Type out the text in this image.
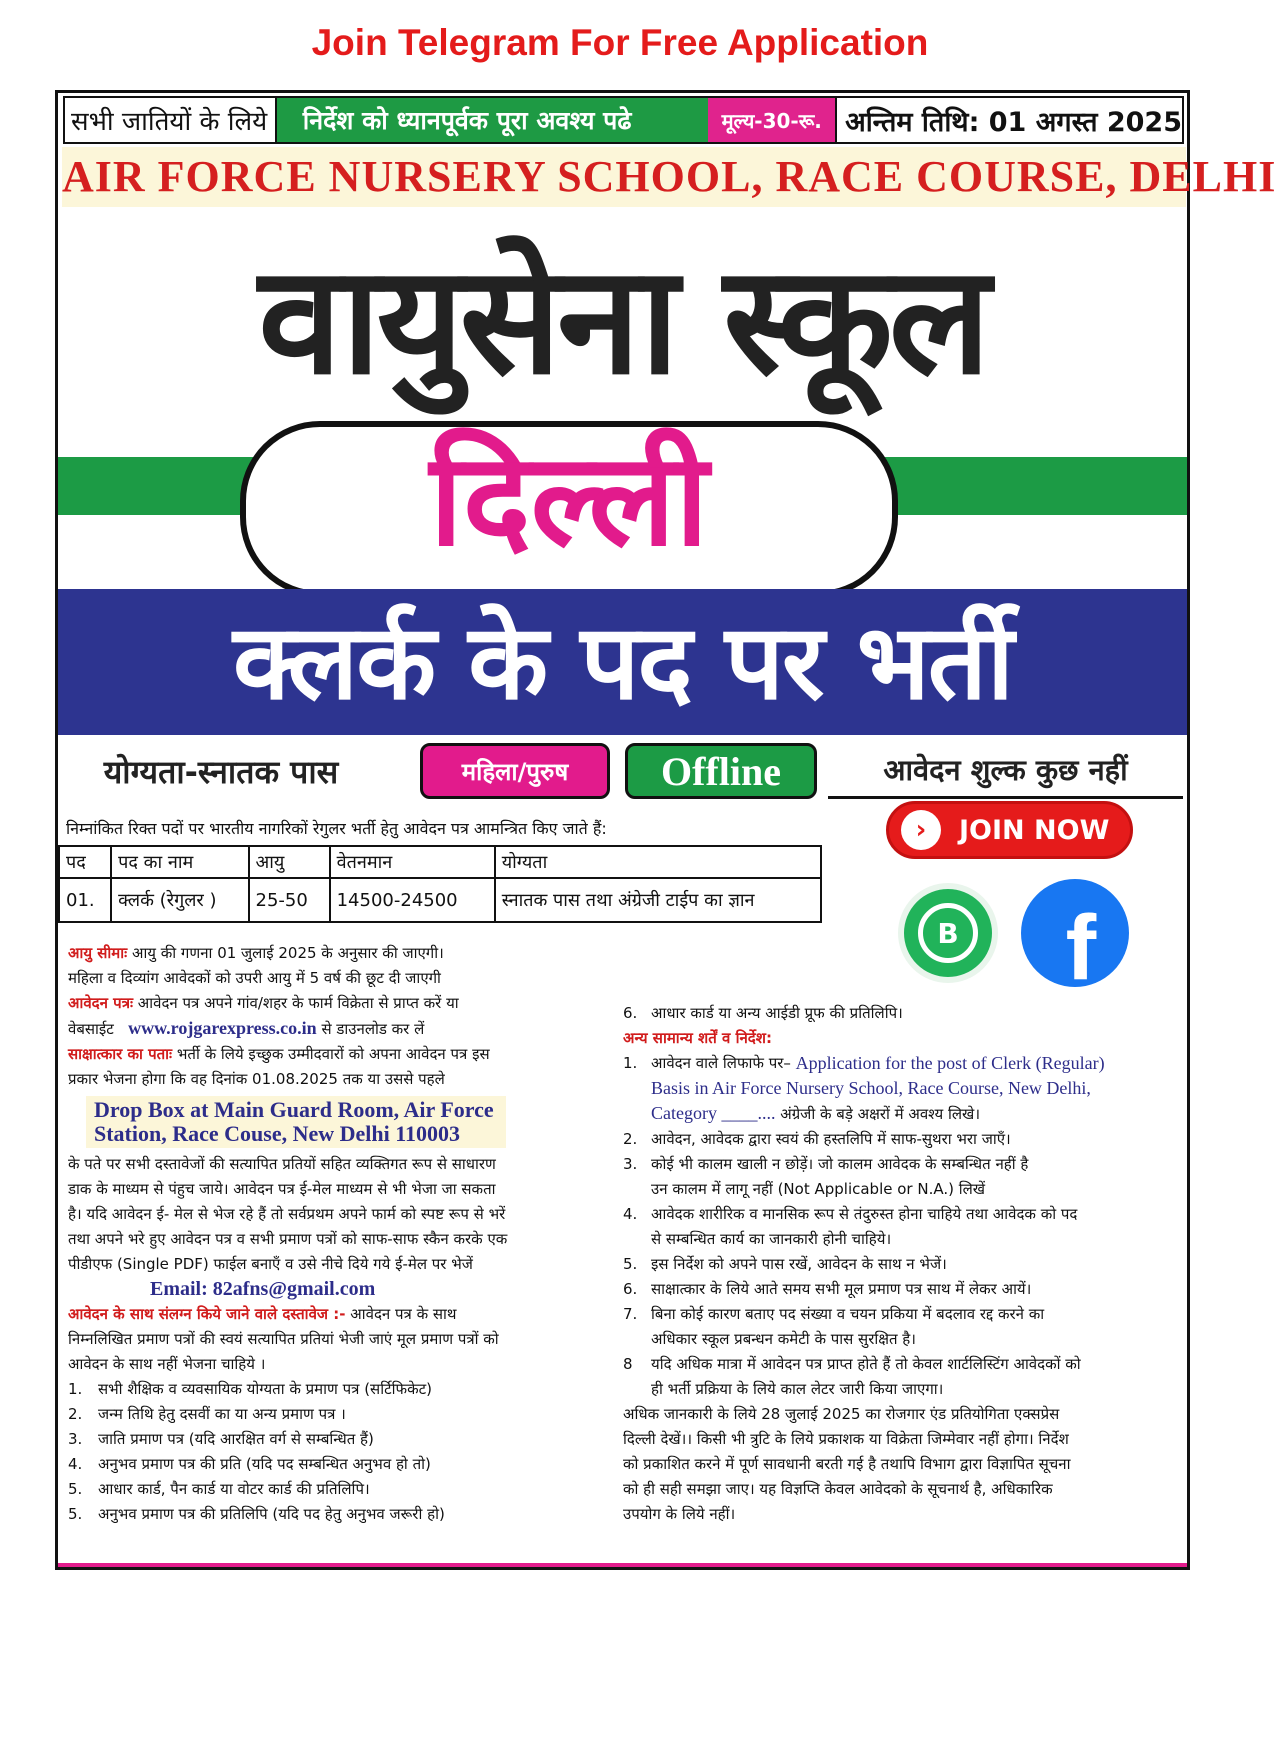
Join Telegram For Free Application
सभी जातियों के लिये	निर्देश को ध्यानपूर्वक पूरा अवश्य पढे	मूल्य-30-रू. अन्तिम तिथि: 01 अगस्त 2025
AIR FORCE NURSERY SCHOOL, RACE COURSE, DELHI
वायुसेना स्कूल
दिल्ली
क्लर्क के पद पर भर्ती
योग्यता-स्नातक पास	महिला/पुरुष	Offline	आवेदन शुल्क कुछ नहीं
निम्नांकित रिक्त पदों पर भारतीय नागरिकों रेगुलर भर्ती हेतु आवेदन पत्र आमन्त्रित किए जाते हैं:
पद	पद का नाम	आयु	वेतनमान	योग्यता
01.	क्लर्क (रेगुलर )	25-50	14500-24500	स्नातक पास तथा अंग्रेजी टाईप का ज्ञान
›	JOIN NOW
B f

आयु सीमाः आयु की गणना 01 जुलाई 2025 के अनुसार की जाएगी।

महिला व दिव्यांग आवेदकों को उपरी आयु में 5 वर्ष की छूट दी जाएगी

आवेदन पत्रः आवेदन पत्र अपने गांव/शहर के फार्म विक्रेता से प्राप्त करें या

वेबसाईट www.rojgarexpress.co.in से डाउनलोड कर लें

साक्षात्कार का पताः भर्ती के लिये इच्छुक उम्मीदवारों को अपना आवेदन पत्र इस

प्रकार भेजना होगा कि वह दिनांक 01.08.2025 तक या उससे पहले

Drop Box at Main Guard Room, Air Force
Station, Race Couse, New Delhi 110003

के पते पर सभी दस्तावेजों की सत्यापित प्रतियों सहित व्यक्तिगत रूप से साधारण

डाक के माध्यम से पंहुच जाये। आवेदन पत्र ई-मेल माध्यम से भी भेजा जा सकता

है। यदि आवेदन ई- मेल से भेज रहे हैं तो सर्वप्रथम अपने फार्म को स्पष्ट रूप से भरें

तथा अपने भरे हुए आवेदन पत्र व सभी प्रमाण पत्रों को साफ-साफ स्कैन करके एक

पीडीएफ (Single PDF) फाईल बनाएँ व उसे नीचे दिये गये ई-मेल पर भेजें

Email: 82afns@gmail.com

आवेदन के साथ संलग्न किये जाने वाले दस्तावेज :- आवेदन पत्र के साथ

निम्नलिखित प्रमाण पत्रों की स्वयं सत्यापित प्रतियां भेजी जाएं मूल प्रमाण पत्रों को

आवेदन के साथ नहीं भेजना चाहिये ।

1. सभी शैक्षिक व व्यवसायिक योग्यता के प्रमाण पत्र (सर्टिफिकेट)

2. जन्म तिथि हेतु दसवीं का या अन्य प्रमाण पत्र ।

3. जाति प्रमाण पत्र (यदि आरक्षित वर्ग से सम्बन्धित हैं)

4. अनुभव प्रमाण पत्र की प्रति (यदि पद सम्बन्धित अनुभव हो तो)

5. आधार कार्ड, पैन कार्ड या वोटर कार्ड की प्रतिलिपि।

5. अनुभव प्रमाण पत्र की प्रतिलिपि (यदि पद हेतु अनुभव जरूरी हो)

6. आधार कार्ड या अन्य आईडी प्रूफ की प्रतिलिपि।

अन्य सामान्य शर्तें व निर्देश:

1. आवेदन वाले लिफाफे पर–
Application for the post of Clerk (Regular)

Basis in Air Force Nursery School, Race Course, New Delhi,

Category ____.... अंग्रेजी के बड़े अक्षरों में अवश्य लिखे।

2. आवेदन, आवेदक द्वारा स्वयं की हस्तलिपि में साफ-सुथरा भरा जाएँ।

3. कोई भी कालम खाली न छोड़ें। जो कालम आवेदक के सम्बन्धित नहीं है

उन कालम में लागू नहीं (Not Applicable or N.A.) लिखें

4. आवेदक शारीरिक व मानसिक रूप से तंदुरुस्त होना चाहिये तथा आवेदक को पद

से सम्बन्धित कार्य का जानकारी होनी चाहिये।

5. इस निर्देश को अपने पास रखें, आवेदन के साथ न भेजें।

6. साक्षात्कार के लिये आते समय सभी मूल प्रमाण पत्र साथ में लेकर आयें।

7. बिना कोई कारण बताए पद संख्या व चयन प्रकिया में बदलाव रद्द करने का

अधिकार स्कूल प्रबन्धन कमेटी के पास सुरक्षित है।

8	यदि अधिक मात्रा में आवेदन पत्र प्राप्त होते हैं तो केवल शार्टलिस्टिंग आवेदकों को

ही भर्ती प्रक्रिया के लिये काल लेटर जारी किया जाएगा।

अधिक जानकारी के लिये 28 जुलाई 2025 का रोजगार एंड प्रतियोगिता एक्सप्रेस

दिल्ली देखें।। किसी भी त्रुटि के लिये प्रकाशक या विक्रेता जिम्मेवार नहीं होगा। निर्देश

को प्रकाशित करने में पूर्ण सावधानी बरती गई है तथापि विभाग द्वारा विज्ञापित सूचना

को ही सही समझा जाए। यह विज्ञप्ति केवल आवेदको के सूचनार्थ है, अधिकारिक

उपयोग के लिये नहीं।
